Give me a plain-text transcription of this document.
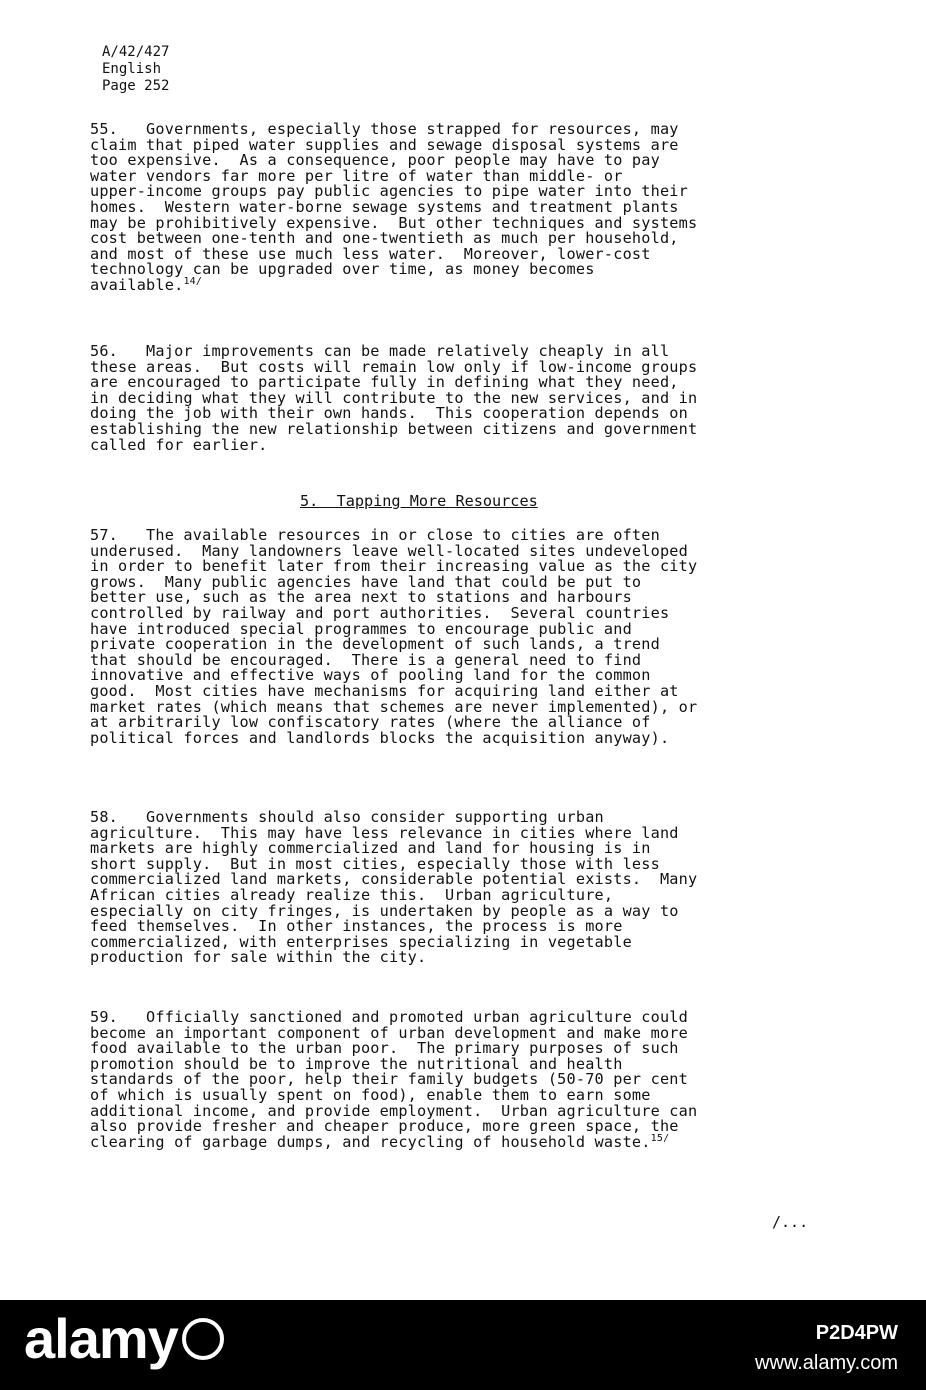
A/42/427
English
Page 252
55.   Governments, especially those strapped for resources, may
claim that piped water supplies and sewage disposal systems are
too expensive.  As a consequence, poor people may have to pay
water vendors far more per litre of water than middle- or
upper-income groups pay public agencies to pipe water into their
homes.  Western water-borne sewage systems and treatment plants
may be prohibitively expensive.  But other techniques and systems
cost between one-tenth and one-twentieth as much per household,
and most of these use much less water.  Moreover, lower-cost
technology can be upgraded over time, as money becomes
available.$^{14/}$
56.   Major improvements can be made relatively cheaply in all
these areas.  But costs will remain low only if low-income groups
are encouraged to participate fully in defining what they need,
in deciding what they will contribute to the new services, and in
doing the job with their own hands.  This cooperation depends on
establishing the new relationship between citizens and government
called for earlier.
5.  Tapping More Resources
57.   The available resources in or close to cities are often
underused.  Many landowners leave well-located sites undeveloped
in order to benefit later from their increasing value as the city
grows.  Many public agencies have land that could be put to
better use, such as the area next to stations and harbours
controlled by railway and port authorities.  Several countries
have introduced special programmes to encourage public and
private cooperation in the development of such lands, a trend
that should be encouraged.  There is a general need to find
innovative and effective ways of pooling land for the common
good.  Most cities have mechanisms for acquiring land either at
market rates (which means that schemes are never implemented), or
at arbitrarily low confiscatory rates (where the alliance of
political forces and landlords blocks the acquisition anyway).
58.   Governments should also consider supporting urban
agriculture.  This may have less relevance in cities where land
markets are highly commercialized and land for housing is in
short supply.  But in most cities, especially those with less
commercialized land markets, considerable potential exists.  Many
African cities already realize this.  Urban agriculture,
especially on city fringes, is undertaken by people as a way to
feed themselves.  In other instances, the process is more
commercialized, with enterprises specializing in vegetable
production for sale within the city.
59.   Officially sanctioned and promoted urban agriculture could
become an important component of urban development and make more
food available to the urban poor.  The primary purposes of such
promotion should be to improve the nutritional and health
standards of the poor, help their family budgets (50-70 per cent
of which is usually spent on food), enable them to earn some
additional income, and provide employment.  Urban agriculture can
also provide fresher and cheaper produce, more green space, the
clearing of garbage dumps, and recycling of household waste.$^{15/}$
/...
alamy	P2D4PW
www.alamy.com
